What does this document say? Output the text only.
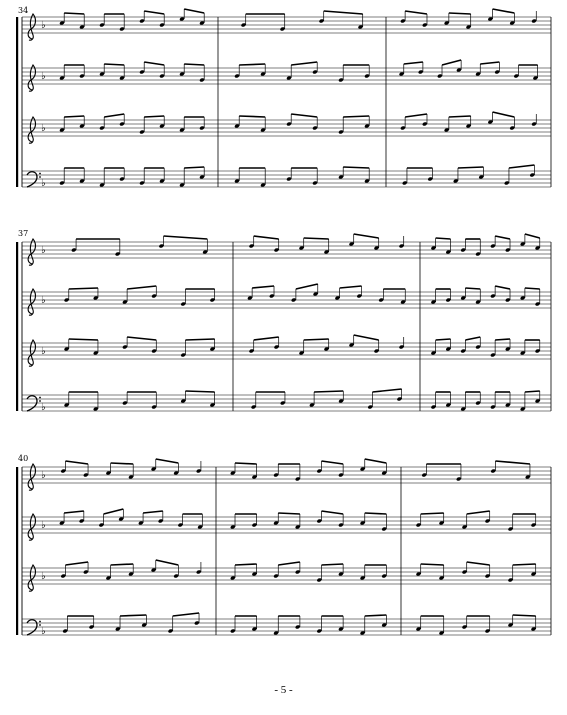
♭
♭
♭
♭
♭
♭
♭
♭
♭
♭
♭
♭
34
37
40
- 5 -
